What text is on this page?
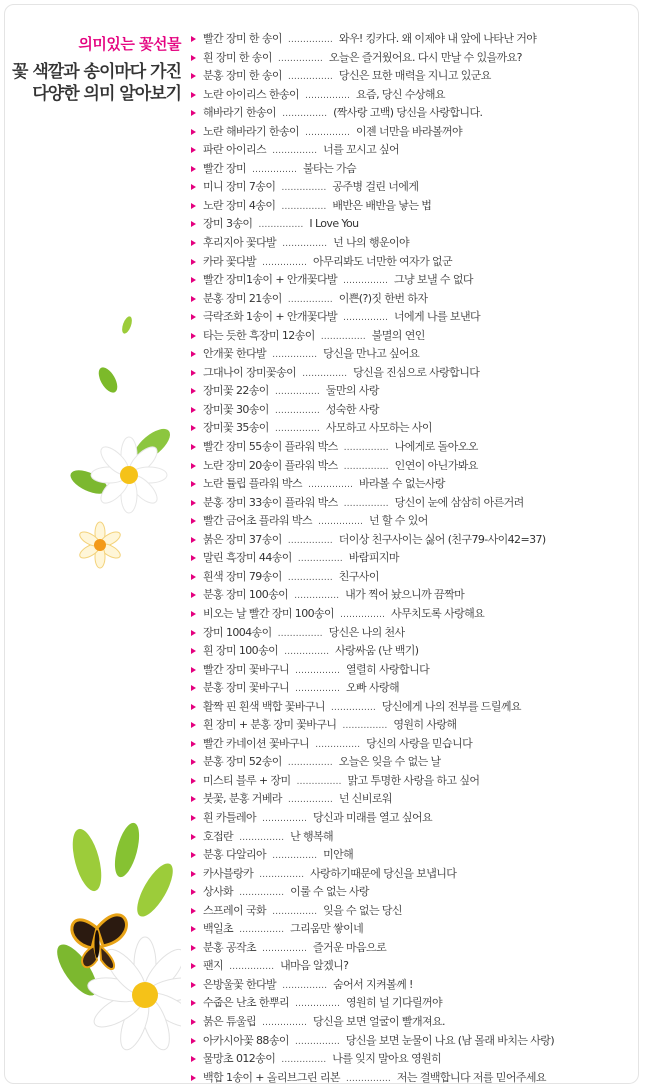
의미있는 꽃선물
꽃 색깔과 송이마다 가진
다양한 의미 알아보기
빨간 장미 한 송이 …………… 와우! 킹카다. 왜 이제야 내 앞에 나타난 거야
흰 장미 한 송이 …………… 오늘은 즐거웠어요. 다시 만날 수 있을까요?
분홍 장미 한 송이 …………… 당신은 묘한 매력을 지니고 있군요
노란 아이리스 한송이 …………… 요즘, 당신 수상해요
해바라기 한송이 …………… (짝사랑 고백) 당신을 사랑합니다.
노란 해바라기 한송이 …………… 이젠 너만을 바라볼꺼야
파란 아이리스 …………… 너를 꼬시고 싶어
빨간 장미 …………… 불타는 가슴
미니 장미 7송이 …………… 공주병 걸린 너에게
노란 장미 4송이 …………… 배반은 배반을 낳는 법
장미 3송이 …………… I Love You
후리지아 꽃다발 …………… 넌 나의 행운이야
카라 꽃다발 …………… 아무리봐도 너만한 여자가 없군
빨간 장미1송이 + 안개꽃다발 …………… 그냥 보낼 수 없다
분홍 장미 21송이 …………… 이쁜(?)짓 한번 하자
극락조화 1송이 + 안개꽃다발 …………… 너에게 나를 보낸다
타는 듯한 흑장미 12송이 …………… 불멸의 연인
안개꽃 한다발 …………… 당신을 만나고 싶어요
그대나이 장미꽃송이 …………… 당신을 진심으로 사랑합니다
장미꽃 22송이 …………… 둘만의 사랑
장미꽃 30송이 …………… 성숙한 사랑
장미꽃 35송이 …………… 사모하고 사모하는 사이
빨간 장미 55송이 플라워 박스 …………… 나에게로 돌아오오
노란 장미 20송이 플라워 박스 …………… 인연이 아닌가봐요
노란 튤립 플라워 박스 …………… 바라볼 수 없는사랑
분홍 장미 33송이 플라워 박스 …………… 당신이 눈에 삼삼히 아른거려
빨간 금어초 플라워 박스 …………… 넌 할 수 있어
붉은 장미 37송이 …………… 더이상 친구사이는 싫어 (친구79-사이42=37)
말린 흑장미 44송이 …………… 바람피지마
흰색 장미 79송이 …………… 친구사이
분홍 장미 100송이 …………… 내가 찍어 놨으니까 끔짝마
비오는 날 빨간 장미 100송이 …………… 사무치도록 사랑해요
장미 1004송이 …………… 당신은 나의 천사
흰 장미 100송이 …………… 사랑싸움 (난 백기)
빨간 장미 꽃바구니 …………… 열렬히 사랑합니다
분홍 장미 꽃바구니 …………… 오빠 사랑해
활짝 핀 흰색 백합 꽃바구니 …………… 당신에게 나의 전부를 드릴께요
흰 장미 + 분홍 장미 꽃바구니 …………… 영원히 사랑해
빨간 카네이션 꽃바구니 …………… 당신의 사랑을 믿습니다
분홍 장미 52송이 …………… 오늘은 잊을 수 없는 날
미스티 블루 + 장미 …………… 맑고 투명한 사랑을 하고 싶어
붓꽃, 분홍 거베라 …………… 넌 신비로워
흰 카틀레아 …………… 당신과 미래를 열고 싶어요
호접란 …………… 난 행복해
분홍 다알리아 …………… 미안해
카사블랑카 …………… 사랑하기때문에 당신을 보냅니다
상사화 …………… 이룰 수 없는 사랑
스프레이 국화 …………… 잊을 수 없는 당신
백일초 …………… 그리움만 쌓이네
분홍 공작초 …………… 즐거운 마음으로
팬지 …………… 내마음 알겠니?
은방울꽃 한다발 …………… 숨어서 지켜볼께 !
수줍은 난초 한뿌리 …………… 영원히 널 기다릴꺼야
붉은 튜울립 …………… 당신을 보면 얼굴이 빨개져요.
아카시아꽃 88송이 …………… 당신을 보면 눈물이 나요 (남 몰래 바치는 사랑)
물망초 012송이 …………… 나를 잊지 말아요 영원히
백합 1송이 + 올리브그린 리본 …………… 저는 결백합니다 저를 믿어주세요
